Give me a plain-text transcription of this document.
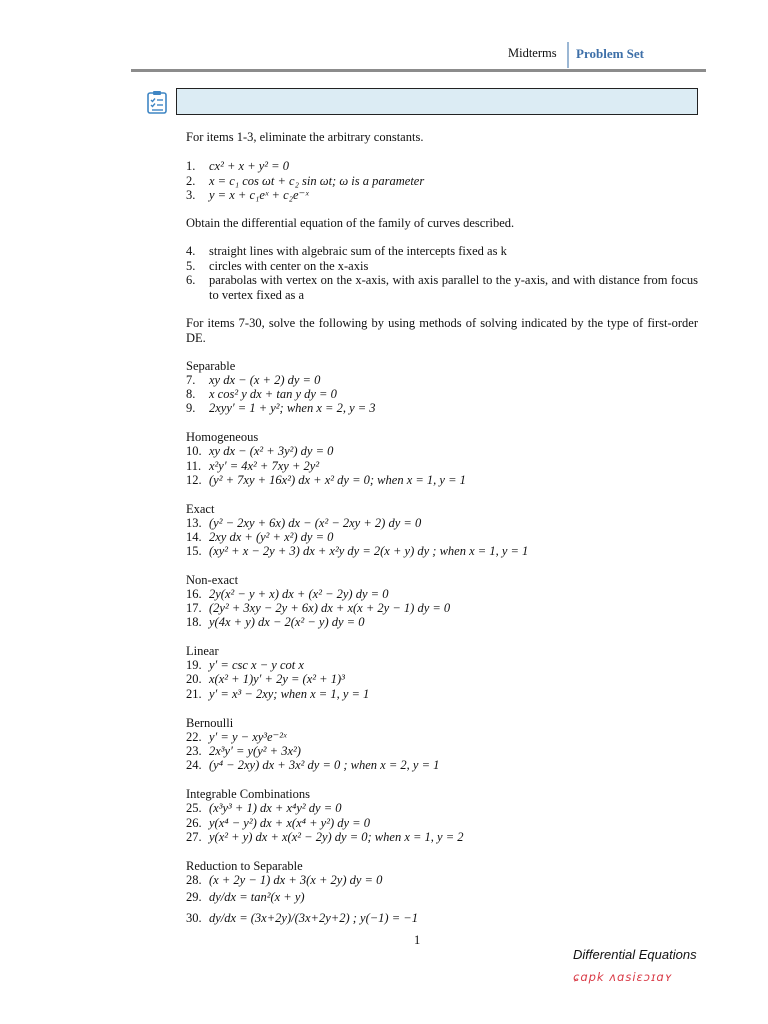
Midterms Problem Set
For items 1-3, eliminate the arbitrary constants.
1. cx² + x + y² = 0
2. x = c₁ cos ωt + c₂ sin ωt; ω is a parameter
3. y = x + c₁eˣ + c₂e⁻ˣ
Obtain the differential equation of the family of curves described.
4. straight lines with algebraic sum of the intercepts fixed as k
5. circles with center on the x-axis
6. parabolas with vertex on the x-axis, with axis parallel to the y-axis, and with distance from focus to vertex fixed as a
For items 7-30, solve the following by using methods of solving indicated by the type of first-order DE.
Separable
7. xy dx − (x + 2) dy = 0
8. x cos² y dx + tan y dy = 0
9. 2xyy′ = 1 + y²; when x = 2, y = 3
Homogeneous
10. xy dx − (x² + 3y²) dy = 0
11. x²y′ = 4x² + 7xy + 2y²
12. (y² + 7xy + 16x²) dx + x² dy = 0; when x = 1, y = 1
Exact
13. (y² − 2xy + 6x) dx − (x² − 2xy + 2) dy = 0
14. 2xy dx + (y² + x²) dy = 0
15. (xy² + x − 2y + 3) dx + x²y dy = 2(x + y) dy ; when x = 1, y = 1
Non-exact
16. 2y(x² − y + x) dx + (x² − 2y) dy = 0
17. (2y² + 3xy − 2y + 6x) dx + x(x + 2y − 1) dy = 0
18. y(4x + y) dx − 2(x² − y) dy = 0
Linear
19. y′ = csc x − y cot x
20. x(x² + 1)y′ + 2y = (x² + 1)³
21. y′ = x³ − 2xy; when x = 1, y = 1
Bernoulli
22. y′ = y − xy³e⁻²ˣ
23. 2x³y′ = y(y² + 3x²)
24. (y⁴ − 2xy) dx + 3x² dy = 0 ; when x = 2, y = 1
Integrable Combinations
25. (x³y³ + 1) dx + x⁴y² dy = 0
26. y(x⁴ − y²) dx + x(x⁴ + y²) dy = 0
27. y(x² + y) dx + x(x² − 2y) dy = 0; when x = 1, y = 2
Reduction to Separable
28. (x + 2y − 1) dx + 3(x + 2y) dy = 0
29. dy/dx = tan²(x + y)
30. dy/dx = (3x+2y)/(3x+2y+2) ; y(−1) = −1
1
Differential Equations
ɕɑpk ʌɑsiɛɔɪɑʏ
